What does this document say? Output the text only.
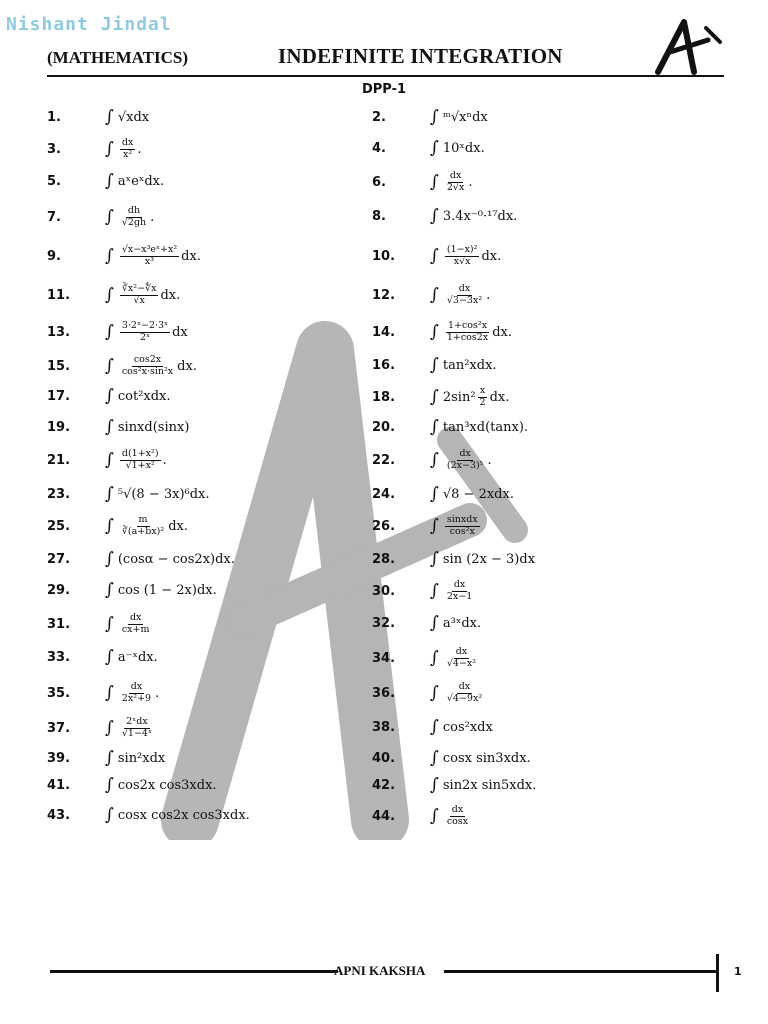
Nishant Jindal
(MATHEMATICS)	INDEFINITE INTEGRATION
DPP-1
1.	∫ √xdx	2.	∫ ᵐ√xⁿdx
3.	∫ $\frac{dx}{\text{x²}}$ .	4.	∫ 10ˣdx.
5.	∫ aˣeˣdx.	6.	∫ $\frac{dx}{2√x}$ .
7.	∫ $\frac{dh}{√2gh}$ .	8.	∫ 3.4x⁻⁰·¹⁷dx.
9.	∫ $\frac{\text{√x−x³eˣ+x²}}{\text{x³}}$ dx.	10.	∫ $\frac{\text{(1−x)²}}{x√x}$ dx.
11.	∫ $\frac{\text{∛x²−∜x}}{√x}$ dx.	12.	∫ $\frac{dx}{\text{√3−3x²}}$ .
13.	∫ $\frac{\text{3·2ˣ−2·3ˣ}}{\text{2ˣ}}$ dx	14.	∫ $\frac{\text{1+cos²x}}{1+\cos 2x}$ dx.
15.	∫ $\frac{\cos 2x}{\text{cos²x·sin²x}}$ dx.	16.	∫ tan²xdx.
17.	∫ cot²xdx.	18.	∫ $2\sin^2 \frac{x}{2}$ dx.
19.	∫ sinxd(sinx)	20.	∫ tan³xd(tanx).
21.	∫ $\frac{\text{d(1+x²)}}{\text{√1+x²}}$ .	22.	∫ $\frac{dx}{\text{(2x−3)⁵}}$ .
23.	∫ ⁵√(8 − 3x)⁶dx.	24.	∫ √8 − 2xdx.
25.	∫ $\frac{m}{\text{∛(a+bx)²}}$ dx.	26.	∫ $\frac{\text{sinxdx}}{\text{cos²x}}$
27.	∫ (cosα − cos2x)dx.	28.	∫ sin (2x − 3)dx
29.	∫ cos (1 − 2x)dx.	30.	∫ $\frac{dx}{2x-1}$
31.	∫ $\frac{dx}{cx+m}$	32.	∫ a³ˣdx.
33.	∫ a⁻ˣdx.	34.	∫ $\frac{dx}{\text{√4−x²}}$
35.	∫ $\frac{dx}{\text{2x²+9}}$ .	36.	∫ $\frac{dx}{\text{√4−9x²}}$
37.	∫ $\frac{\text{2ˣdx}}{\text{√1−4ˣ}}$	38.	∫ cos²xdx
39.	∫ sin²xdx	40.	∫ cosx sin3xdx.
41.	∫ cos2x cos3xdx.	42.	∫ sin2x sin5xdx.
43.	∫ cosx cos2x cos3xdx.	44.	∫ $\frac{dx}{\cos x}$
APNI KAKSHA	1
